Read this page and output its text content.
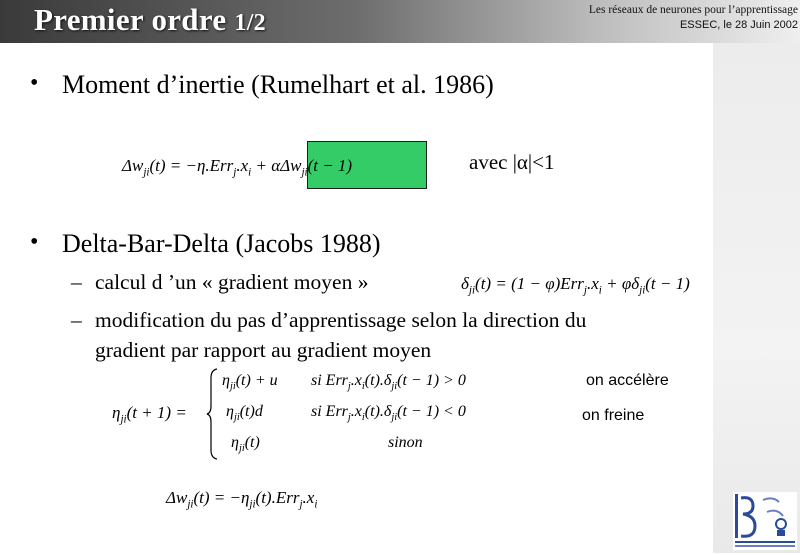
Premier ordre 1/2	Les réseaux de neurones pour l’apprentissage
ESSEC, le 28 Juin 2002
• Moment d’inertie (Rumelhart et al. 1986)
$\Delta w_{ji}(t) = -\eta.Err_j.x_i + \alpha\Delta w_{ji}(t - 1)$	avec |α|<1
• Delta-Bar-Delta (Jacobs 1988)
– calcul d ’un « gradient moyen »	$\delta_{ji}(t) = (1 - \varphi)Err_j.x_i + \varphi\delta_{ji}(t - 1)$
– modification du pas d’apprentissage selon la direction du
gradient par rapport au gradient moyen
$\eta_{ji}(t + 1)$ =
$\eta_{ji}(t) + u$ si $Err_j.x_i(t).\delta_{ji}(t - 1) > 0$	on accélère
$\eta_{ji}(t)d$	si $Err_j.x_i(t).\delta_{ji}(t - 1) < 0$	on freine
$\eta_{ji}(t)$	sinon
$\Delta w_{ji}(t) = -\eta_{ji}(t).Err_j.x_i$
